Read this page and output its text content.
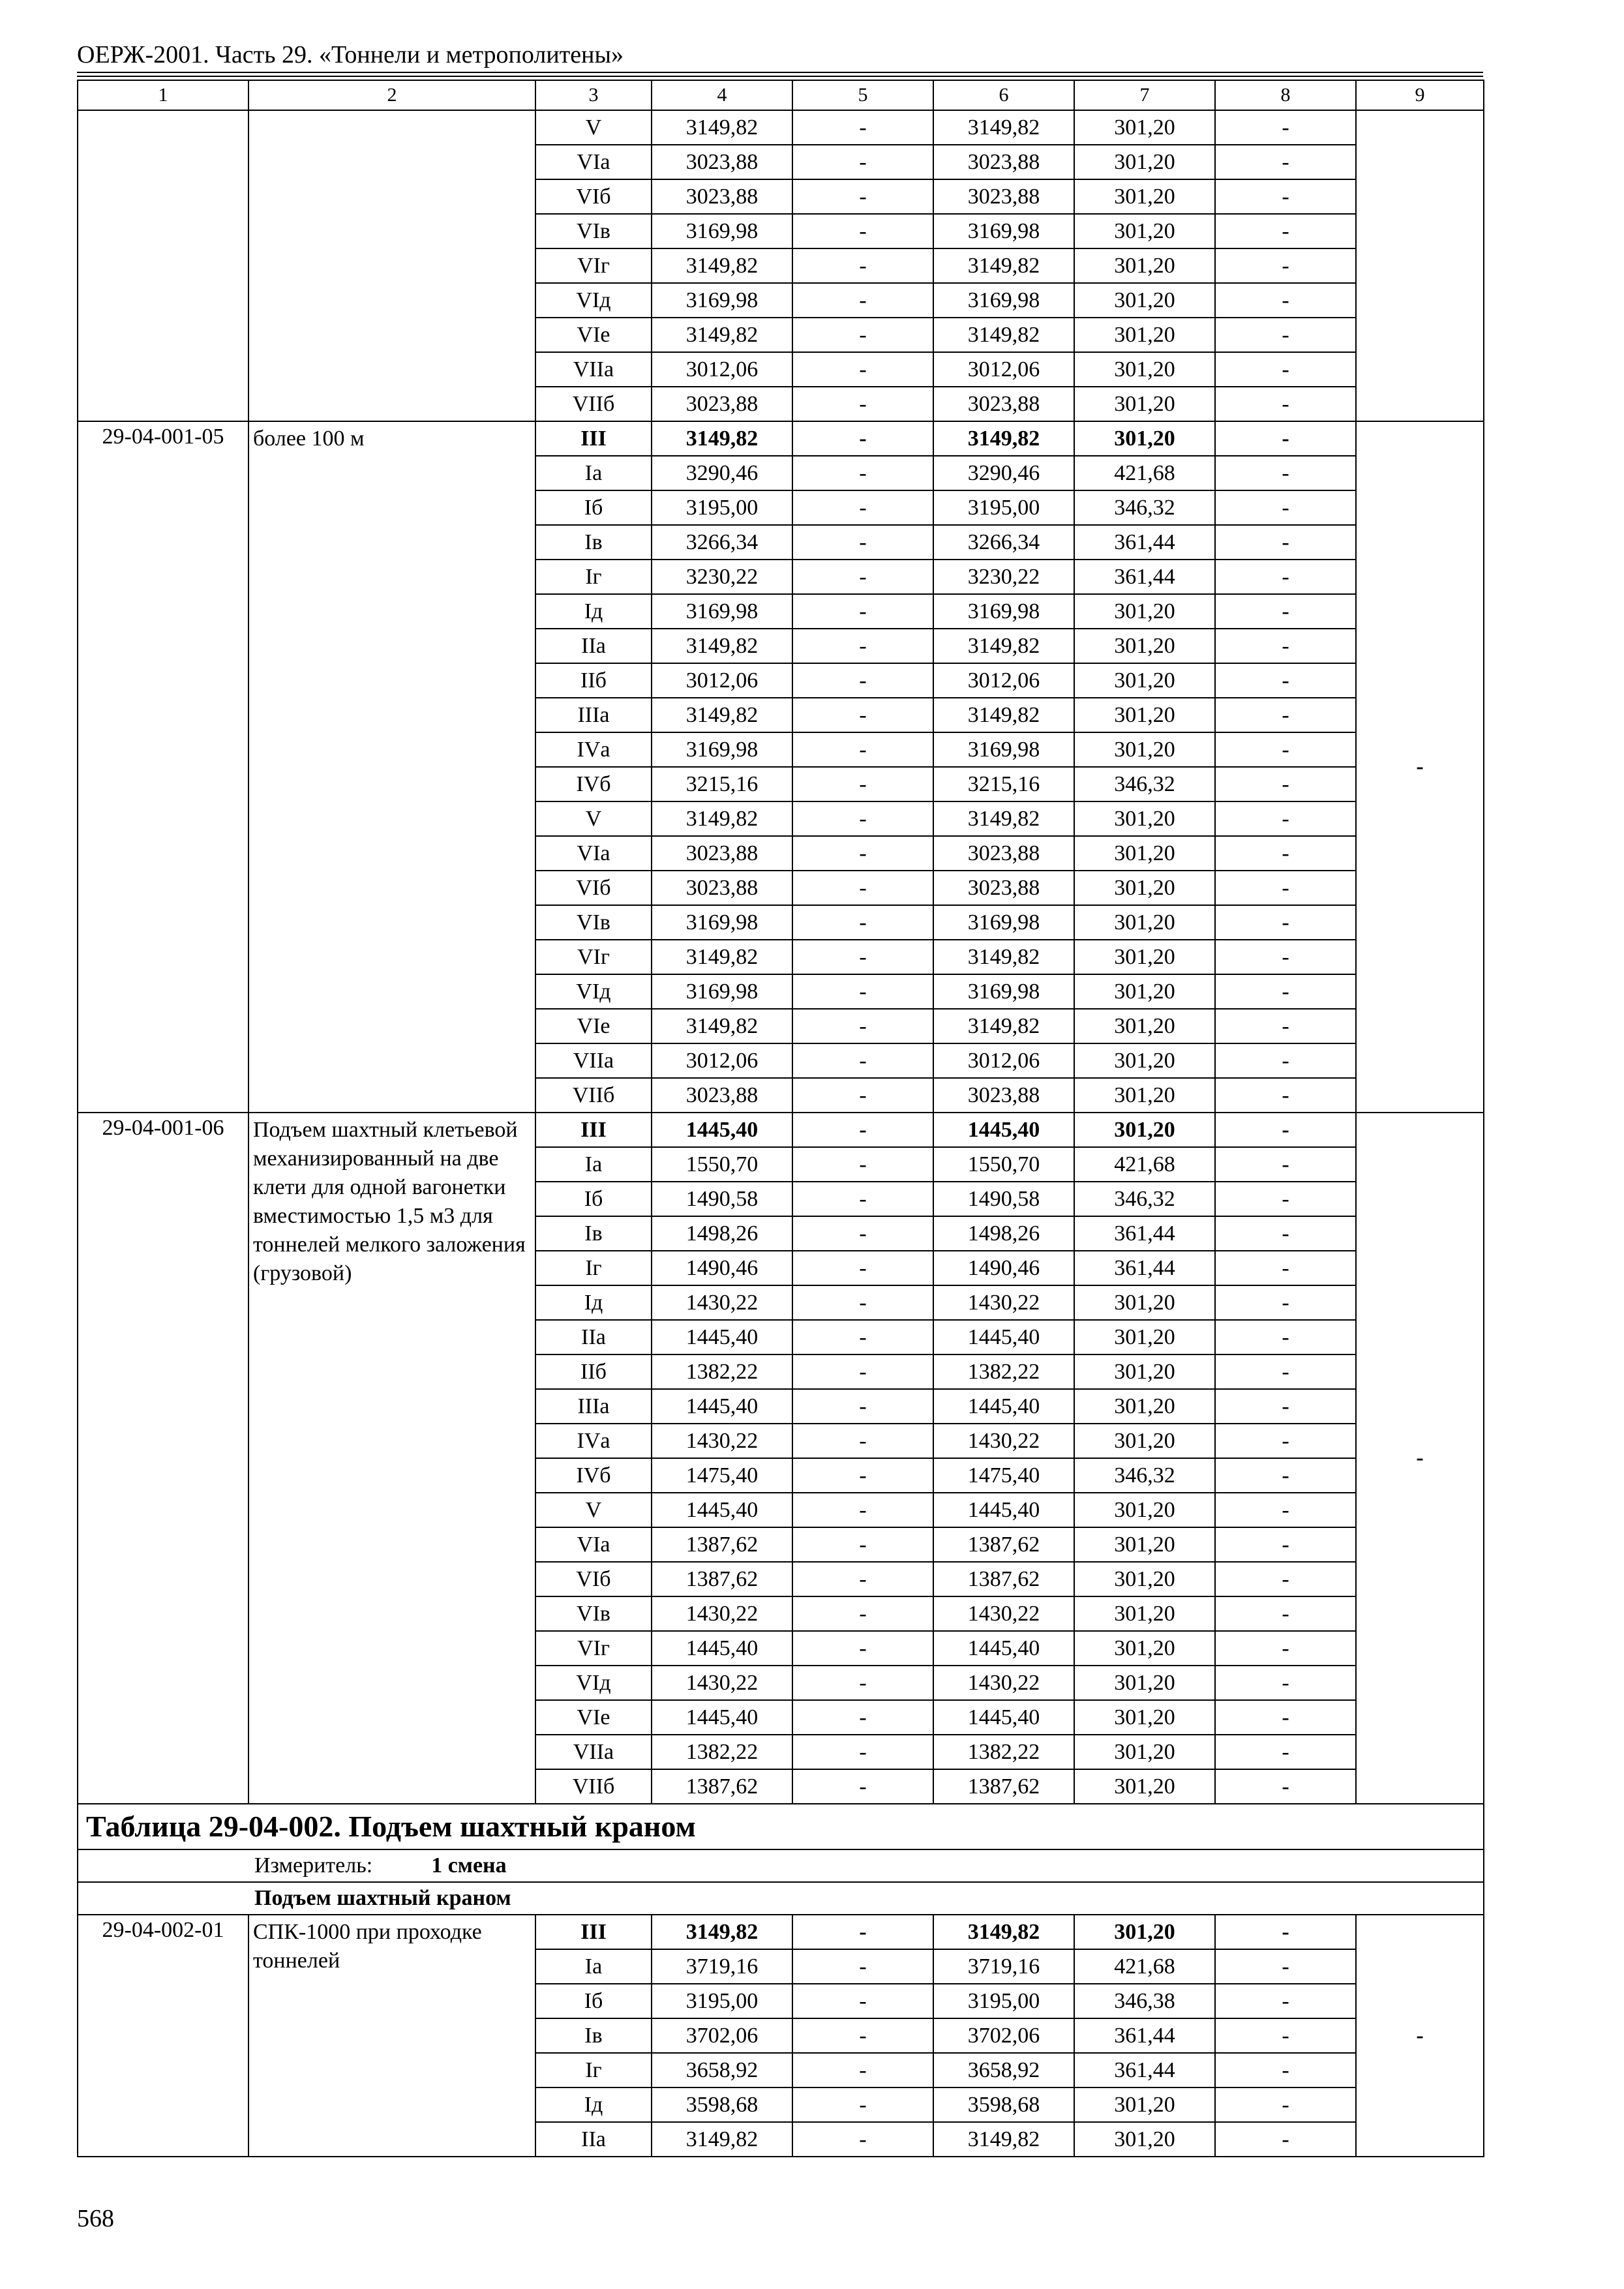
ОЕРЖ-2001. Часть 29. «Тоннели и метрополитены»
1	2	3	4	5	6	7	8	9
		V	3149,82	-	3149,82	301,20	-	
		VIа	3023,88	-	3023,88	301,20	-	
		VIб	3023,88	-	3023,88	301,20	-	
		VIв	3169,98	-	3169,98	301,20	-	
		VIг	3149,82	-	3149,82	301,20	-	
		VIд	3169,98	-	3169,98	301,20	-	
		VIе	3149,82	-	3149,82	301,20	-	
		VIIа	3012,06	-	3012,06	301,20	-	
		VIIб	3023,88	-	3023,88	301,20	-	
29-04-001-05	более 100 м	III	3149,82	-	3149,82	301,20	-	-
		Iа	3290,46	-	3290,46	421,68	-	
		Iб	3195,00	-	3195,00	346,32	-	
		Iв	3266,34	-	3266,34	361,44	-	
		Iг	3230,22	-	3230,22	361,44	-	
		Iд	3169,98	-	3169,98	301,20	-	
		IIа	3149,82	-	3149,82	301,20	-	
		IIб	3012,06	-	3012,06	301,20	-	
		IIIа	3149,82	-	3149,82	301,20	-	
		IVа	3169,98	-	3169,98	301,20	-	
		IVб	3215,16	-	3215,16	346,32	-	
		V	3149,82	-	3149,82	301,20	-	
		VIа	3023,88	-	3023,88	301,20	-	
		VIб	3023,88	-	3023,88	301,20	-	
		VIв	3169,98	-	3169,98	301,20	-	
		VIг	3149,82	-	3149,82	301,20	-	
		VIд	3169,98	-	3169,98	301,20	-	
		VIе	3149,82	-	3149,82	301,20	-	
		VIIа	3012,06	-	3012,06	301,20	-	
		VIIб	3023,88	-	3023,88	301,20	-	
29-04-001-06	Подъем шахтный клетьевой механизированный на две клети для одной вагонетки вместимостью 1,5 м3 для тоннелей мелкого заложения (грузовой)	III	1445,40	-	1445,40	301,20	-	-
		Iа	1550,70	-	1550,70	421,68	-	
		Iб	1490,58	-	1490,58	346,32	-	
		Iв	1498,26	-	1498,26	361,44	-	
		Iг	1490,46	-	1490,46	361,44	-	
		Iд	1430,22	-	1430,22	301,20	-	
		IIа	1445,40	-	1445,40	301,20	-	
		IIб	1382,22	-	1382,22	301,20	-	
		IIIа	1445,40	-	1445,40	301,20	-	
		IVа	1430,22	-	1430,22	301,20	-	
		IVб	1475,40	-	1475,40	346,32	-	
		V	1445,40	-	1445,40	301,20	-	
		VIа	1387,62	-	1387,62	301,20	-	
		VIб	1387,62	-	1387,62	301,20	-	
		VIв	1430,22	-	1430,22	301,20	-	
		VIг	1445,40	-	1445,40	301,20	-	
		VIд	1430,22	-	1430,22	301,20	-	
		VIе	1445,40	-	1445,40	301,20	-	
		VIIа	1382,22	-	1382,22	301,20	-	
		VIIб	1387,62	-	1387,62	301,20	-	
Таблица 29-04-002. Подъем шахтный краном								
Измеритель: 1 смена								
Подъем шахтный краном								
29-04-002-01	СПК-1000 при проходке тоннелей	III	3149,82	-	3149,82	301,20	-	-
		Iа	3719,16	-	3719,16	421,68	-	
		Iб	3195,00	-	3195,00	346,38	-	
		Iв	3702,06	-	3702,06	361,44	-	
		Iг	3658,92	-	3658,92	361,44	-	
		Iд	3598,68	-	3598,68	301,20	-	
		IIа	3149,82	-	3149,82	301,20	-	
568
